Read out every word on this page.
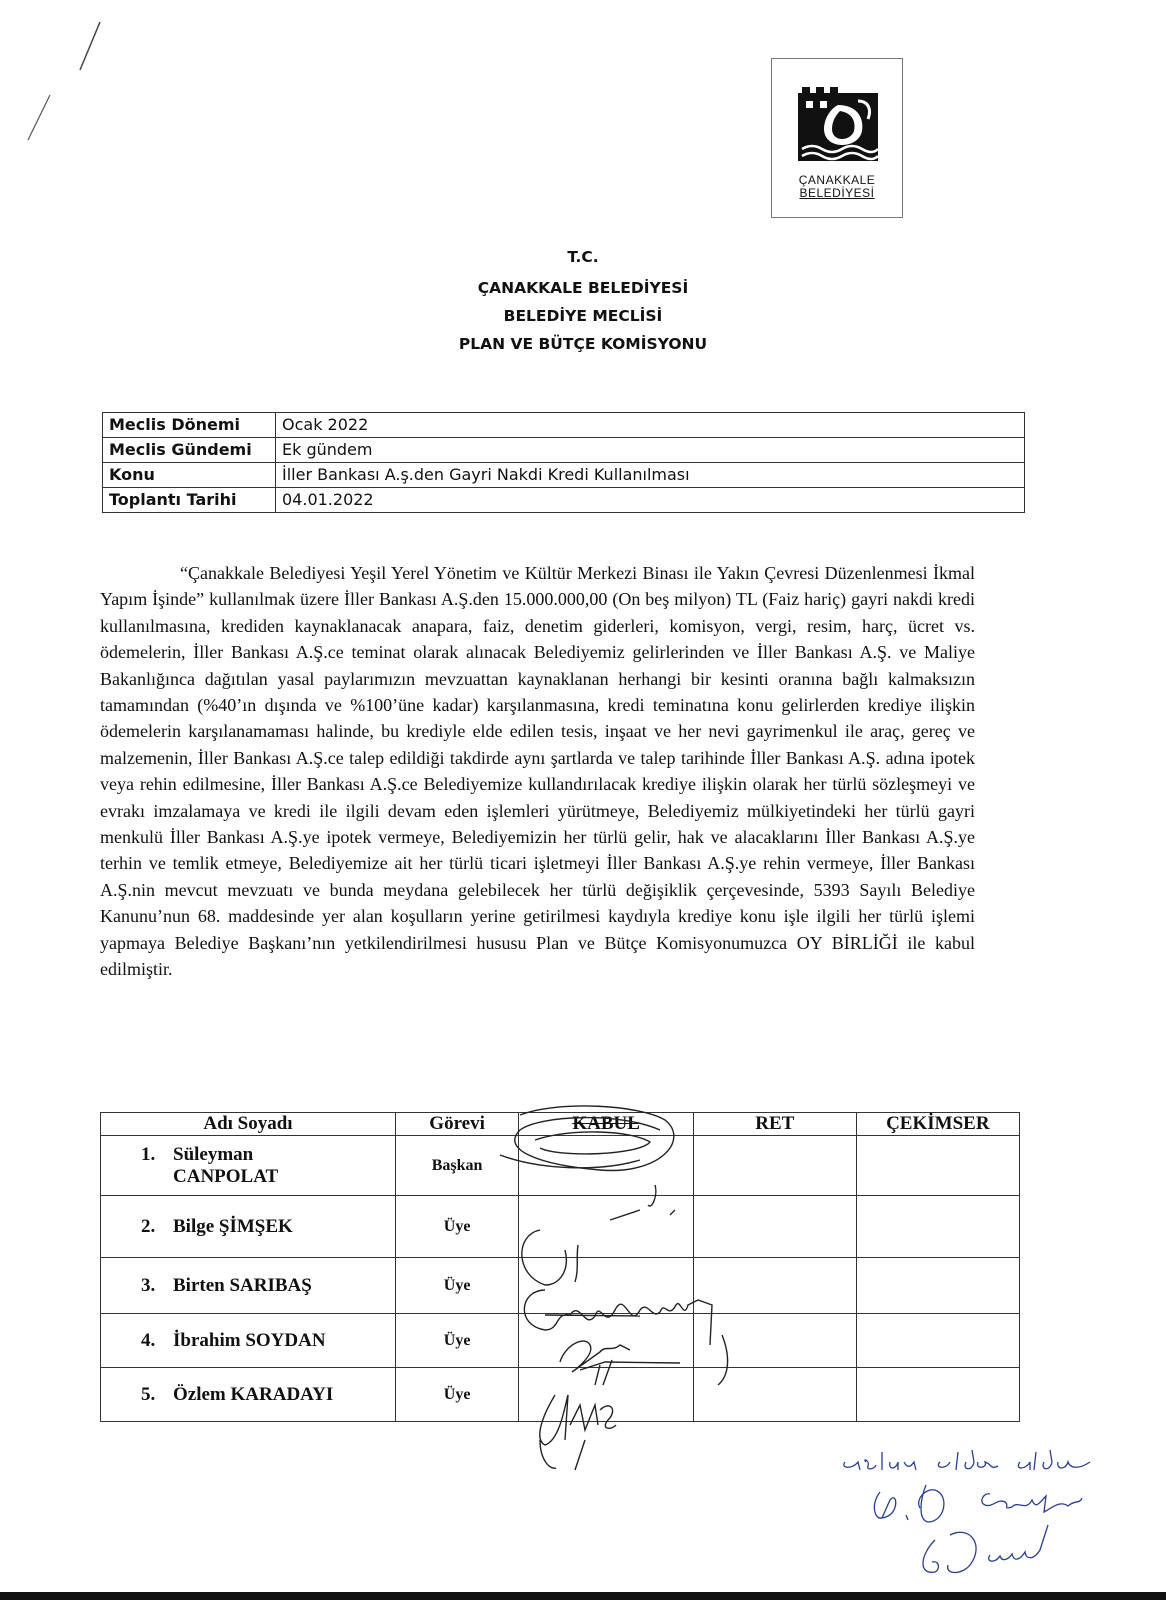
ÇANAKKALE
BELEDİYESİ
T.C.
ÇANAKKALE BELEDİYESİ
BELEDİYE MECLİSİ
PLAN VE BÜTÇE KOMİSYONU
Meclis Dönemi	Ocak 2022
Meclis Gündemi	Ek gündem
Konu	İller Bankası A.ş.den Gayri Nakdi Kredi Kullanılması
Toplantı Tarihi	04.01.2022

“Çanakkale Belediyesi Yeşil Yerel Yönetim ve Kültür Merkezi Binası ile Yakın Çevresi Düzenlenmesi İkmal Yapım İşinde” kullanılmak üzere İller Bankası A.Ş.den 15.000.000,00 (On beş milyon) TL (Faiz hariç) gayri nakdi kredi kullanılmasına, krediden kaynaklanacak anapara, faiz, denetim giderleri, komisyon, vergi, resim, harç, ücret vs. ödemelerin, İller Bankası A.Ş.ce teminat olarak alınacak Belediyemiz gelirlerinden ve İller Bankası A.Ş. ve Maliye Bakanlığınca dağıtılan yasal paylarımızın mevzuattan kaynaklanan herhangi bir kesinti oranına bağlı kalmaksızın tamamından (%40’ın dışında ve %100’üne kadar) karşılanmasına, kredi teminatına konu gelirlerden krediye ilişkin ödemelerin karşılanamaması halinde, bu krediyle elde edilen tesis, inşaat ve her nevi gayrimenkul ile araç, gereç ve malzemenin, İller Bankası A.Ş.ce talep edildiği takdirde aynı şartlarda ve talep tarihinde İller Bankası A.Ş. adına ipotek veya rehin edilmesine, İller Bankası A.Ş.ce Belediyemize kullandırılacak krediye ilişkin olarak her türlü sözleşmeyi ve evrakı imzalamaya ve kredi ile ilgili devam eden işlemleri yürütmeye, Belediyemiz mülkiyetindeki her türlü gayri menkulü İller Bankası A.Ş.ye ipotek vermeye, Belediyemizin her türlü gelir, hak ve alacaklarını İller Bankası A.Ş.ye terhin ve temlik etmeye, Belediyemize ait her türlü ticari işletmeyi İller Bankası A.Ş.ye rehin vermeye, İller Bankası A.Ş.nin mevcut mevzuatı ve bunda meydana gelebilecek her türlü değişiklik çerçevesinde, 5393 Sayılı Belediye Kanunu’nun 68. maddesinde yer alan koşulların yerine getirilmesi kaydıyla krediye konu işle ilgili her türlü işlemi yapmaya Belediye Başkanı’nın yetkilendirilmesi hususu Plan ve Bütçe Komisyonumuzca OY BİRLİĞİ ile kabul edilmiştir.

Adı Soyadı	Görevi	KABUL	RET	ÇEKİMSER

1. Süleyman CANPOLAT	Başkan			

2. Bilge ŞİMŞEK	Üye			

3. Birten SARIBAŞ	Üye			

4. İbrahim SOYDAN	Üye			

5. Özlem KARADAYI	Üye			
